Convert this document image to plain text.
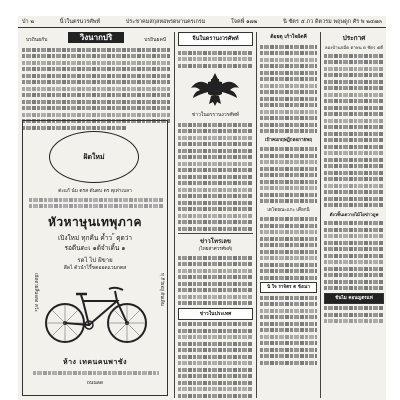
ป่า ๒	นิ้วในตรนวรศัพท์	ประชาคมสกุลหอพรดษานครเกรม	ใจคพี่ ๑๗๒	นิ ซัตร ๕ ภว ดิตวรม พฤษดูก ศัร พ ๒๔๗๓
บรถินยกับ	วิงนากปริ	บรถินยคปั
ฝ้ดใหม่
ต่ะแก้ น์ม ตรส ดันตบ ตร ตุเท่าเบลา
หัวหาษุนเทพุภาค
เปิงใหม่ ทุกคืน ค้ำว ้ ตุดว่า
รอดีนดะเ ๑ด้จำเดิ้น ๑
รดไ ไป ฝ้ขาย
สีดไ ตัวนำไรี้ขตออดแวมกตส
เบ้ตตวยสิ้นจตอ ตว้ะ	ทุ ภีวัยอยู่ ต้นเดิน
ห้าง เทคนคนพาชัง
ถนนลด
จีนในดรานงวรศัพท์
ข่าวในอรรานงวรศัพท์
ข่าวโทรเลข
(ไทยสาศวรศัพท์)
ข่าวในประเทศ
ต้อยตุ เก้าใจผ้ตคี
เป้าคมกฤษฎีกลอกายพฤ
เดโดยณะแกะ เดือกนิ
นิ ใจ ราจิตร ต ชังณา
ประกาศ
ลองบ้านกมีต ตาษน ด ชัตร ๕ดี
ตังวทิ้นเดวายไม้โยข่าวถูพ
ข้นไม คอนญตรแท่
